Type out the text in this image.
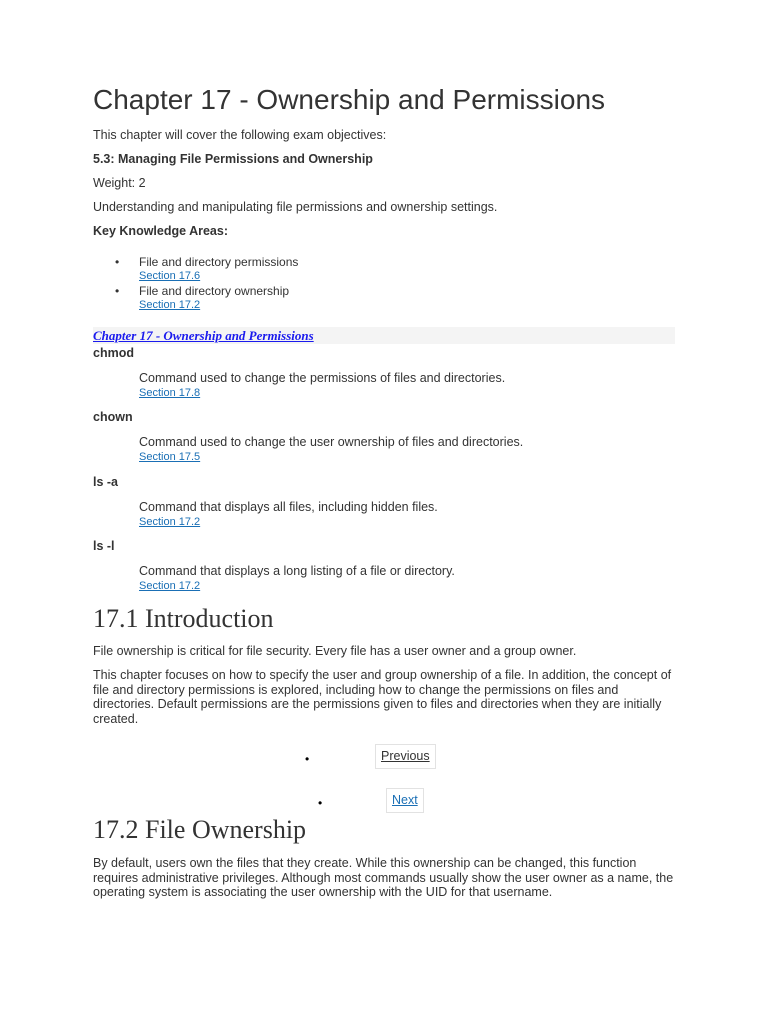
Chapter 17 - Ownership and Permissions

This chapter will cover the following exam objectives:

5.3: Managing File Permissions and Ownership

Weight: 2

Understanding and manipulating file permissions and ownership settings.

Key Knowledge Areas:

• File and directory permissions
Section 17.6
• File and directory ownership
Section 17.2
Chapter 17 - Ownership and Permissions
chmod
Command used to change the permissions of files and directories.
Section 17.8
chown
Command used to change the user ownership of files and directories.
Section 17.5
ls -a
Command that displays all files, including hidden files.
Section 17.2
ls -l
Command that displays a long listing of a file or directory.
Section 17.2
17.1 Introduction

File ownership is critical for file security. Every file has a user owner and a group owner.

This chapter focuses on how to specify the user and group ownership of a file. In addition, the concept of file and directory permissions is explored, including how to change the permissions on files and directories. Default permissions are the permissions given to files and directories when they are initially created.

•	Previous
•	Next
17.2 File Ownership

By default, users own the files that they create. While this ownership can be changed, this function requires administrative privileges. Although most commands usually show the user owner as a name, the operating system is associating the user ownership with the UID for that username.
